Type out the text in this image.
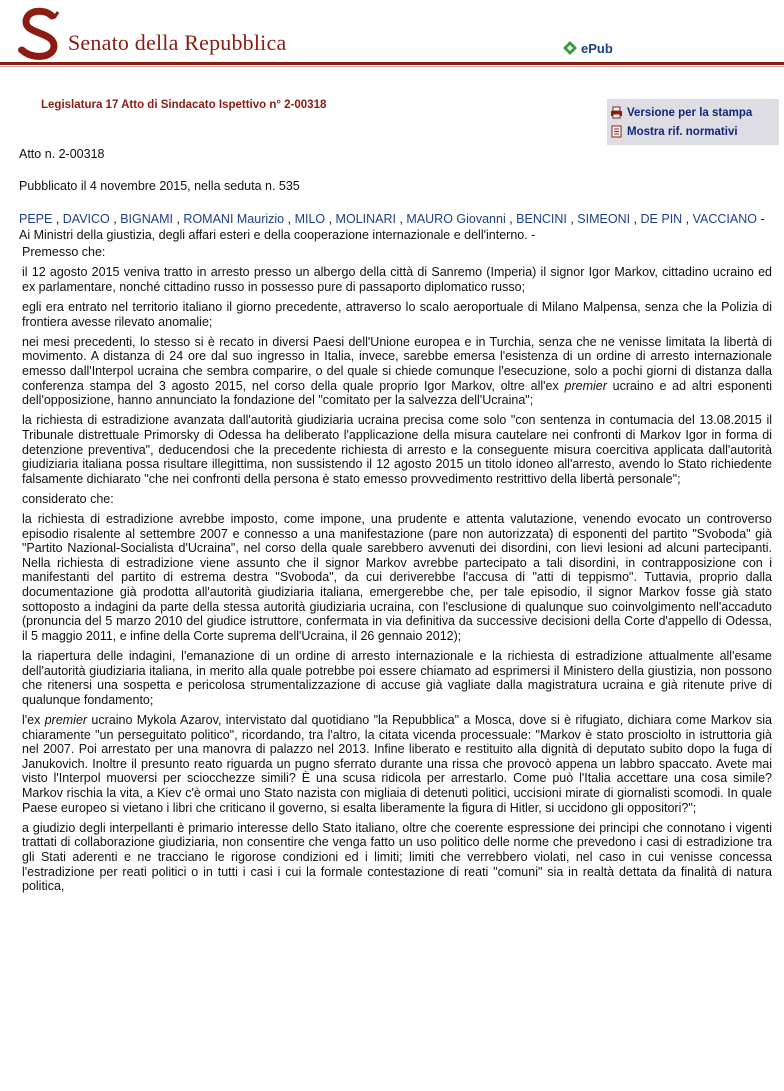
Senato della Repubblica	ePub
Legislatura 17 Atto di Sindacato Ispettivo n° 2-00318
Versione per la stampa
Mostra rif. normativi
Atto n. 2-00318
Pubblicato il 4 novembre 2015, nella seduta n. 535

PEPE , DAVICO , BIGNAMI , ROMANI Maurizio , MILO , MOLINARI , MAURO Giovanni , BENCINI , SIMEONI , DE PIN , VACCIANO - Ai Ministri della giustizia, degli affari esteri e della cooperazione internazionale e dell'interno. -

Premesso che:

il 12 agosto 2015 veniva tratto in arresto presso un albergo della città di Sanremo (Imperia) il signor Igor Markov, cittadino ucraino ed ex parlamentare, nonché cittadino russo in possesso pure di passaporto diplomatico russo;

egli era entrato nel territorio italiano il giorno precedente, attraverso lo scalo aeroportuale di Milano Malpensa, senza che la Polizia di frontiera avesse rilevato anomalie;

nei mesi precedenti, lo stesso si è recato in diversi Paesi dell'Unione europea e in Turchia, senza che ne venisse limitata la libertà di movimento. A distanza di 24 ore dal suo ingresso in Italia, invece, sarebbe emersa l'esistenza di un ordine di arresto internazionale emesso dall'Interpol ucraina che sembra comparire, o del quale si chiede comunque l'esecuzione, solo a pochi giorni di distanza dalla conferenza stampa del 3 agosto 2015, nel corso della quale proprio Igor Markov, oltre all'ex premier ucraino e ad altri esponenti dell'opposizione, hanno annunciato la fondazione del "comitato per la salvezza dell'Ucraina";

la richiesta di estradizione avanzata dall'autorità giudiziaria ucraina precisa come solo "con sentenza in contumacia del 13.08.2015 il Tribunale distrettuale Primorsky di Odessa ha deliberato l'applicazione della misura cautelare nei confronti di Markov Igor in forma di detenzione preventiva", deducendosi che la precedente richiesta di arresto e la conseguente misura coercitiva applicata dall'autorità giudiziaria italiana possa risultare illegittima, non sussistendo il 12 agosto 2015 un titolo idoneo all'arresto, avendo lo Stato richiedente falsamente dichiarato "che nei confronti della persona è stato emesso provvedimento restrittivo della libertà personale";

considerato che:

la richiesta di estradizione avrebbe imposto, come impone, una prudente e attenta valutazione, venendo evocato un controverso episodio risalente al settembre 2007 e connesso a una manifestazione (pare non autorizzata) di esponenti del partito "Svoboda" già "Partito Nazional-Socialista d'Ucraina", nel corso della quale sarebbero avvenuti dei disordini, con lievi lesioni ad alcuni partecipanti. Nella richiesta di estradizione viene assunto che il signor Markov avrebbe partecipato a tali disordini, in contrapposizione con i manifestanti del partito di estrema destra "Svoboda", da cui deriverebbe l'accusa di "atti di teppismo". Tuttavia, proprio dalla documentazione già prodotta all'autorità giudiziaria italiana, emergerebbe che, per tale episodio, il signor Markov fosse già stato sottoposto a indagini da parte della stessa autorità giudiziaria ucraina, con l'esclusione di qualunque suo coinvolgimento nell'accaduto (pronuncia del 5 marzo 2010 del giudice istruttore, confermata in via definitiva da successive decisioni della Corte d'appello di Odessa, il 5 maggio 2011, e infine della Corte suprema dell'Ucraina, il 26 gennaio 2012);

la riapertura delle indagini, l'emanazione di un ordine di arresto internazionale e la richiesta di estradizione attualmente all'esame dell'autorità giudiziaria italiana, in merito alla quale potrebbe poi essere chiamato ad esprimersi il Ministero della giustizia, non possono che ritenersi una sospetta e pericolosa strumentalizzazione di accuse già vagliate dalla magistratura ucraina e già ritenute prive di qualunque fondamento;

l'ex premier ucraino Mykola Azarov, intervistato dal quotidiano "la Repubblica" a Mosca, dove si è rifugiato, dichiara come Markov sia chiaramente "un perseguitato politico", ricordando, tra l'altro, la citata vicenda processuale: "Markov è stato prosciolto in istruttoria già nel 2007. Poi arrestato per una manovra di palazzo nel 2013. Infine liberato e restituito alla dignità di deputato subito dopo la fuga di Janukovich. Inoltre il presunto reato riguarda un pugno sferrato durante una rissa che provocò appena un labbro spaccato. Avete mai visto l'Interpol muoversi per sciocchezze simili? È una scusa ridicola per arrestarlo. Come può l'Italia accettare una cosa simile? Markov rischia la vita, a Kiev c'è ormai uno Stato nazista con migliaia di detenuti politici, uccisioni mirate di giornalisti scomodi. In quale Paese europeo si vietano i libri che criticano il governo, si esalta liberamente la figura di Hitler, si uccidono gli oppositori?";

a giudizio degli interpellanti è primario interesse dello Stato italiano, oltre che coerente espressione dei principi che connotano i vigenti trattati di collaborazione giudiziaria, non consentire che venga fatto un uso politico delle norme che prevedono i casi di estradizione tra gli Stati aderenti e ne tracciano le rigorose condizioni ed i limiti; limiti che verrebbero violati, nel caso in cui venisse concessa l'estradizione per reati politici o in tutti i casi i cui la formale contestazione di reati "comuni" sia in realtà dettata da finalità di natura politica,
